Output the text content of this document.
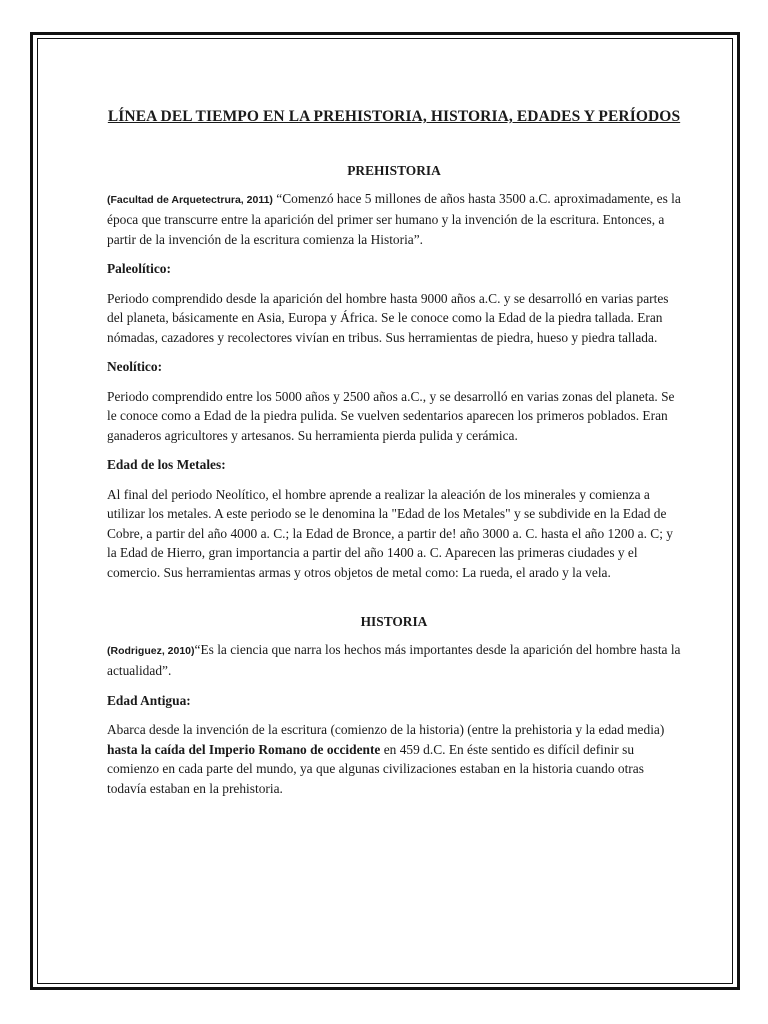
LÍNEA DEL TIEMPO EN LA PREHISTORIA, HISTORIA, EDADES Y PERÍODOS
PREHISTORIA

(Facultad de Arquetectrura, 2011) “Comenzó hace 5 millones de años hasta 3500 a.C. aproximadamente, es la época que transcurre entre la aparición del primer ser humano y la invención de la escritura. Entonces, a partir de la invención de la escritura comienza la Historia”.

Paleolítico:

Periodo comprendido desde la aparición del hombre hasta 9000 años a.C. y se desarrolló en varias partes del planeta, básicamente en Asia, Europa y África. Se le conoce como la Edad de la piedra tallada. Eran nómadas, cazadores y recolectores vivían en tribus. Sus herramientas de piedra, hueso y piedra tallada.

Neolítico:

Periodo comprendido entre los 5000 años y 2500 años a.C., y se desarrolló en varias zonas del planeta. Se le conoce como a Edad de la piedra pulida. Se vuelven sedentarios aparecen los primeros poblados. Eran ganaderos agricultores y artesanos. Su herramienta pierda pulida y cerámica.

Edad de los Metales:

Al final del periodo Neolítico, el hombre aprende a realizar la aleación de los minerales y comienza a utilizar los metales. A este periodo se le denomina la "Edad de los Metales" y se subdivide en la Edad de Cobre, a partir del año 4000 a. C.; la Edad de Bronce, a partir de! año 3000 a. C. hasta el año 1200 a. C; y la Edad de Hierro, gran importancia a partir del año 1400 a. C. Aparecen las primeras ciudades y el comercio. Sus herramientas armas y otros objetos de metal como: La rueda, el arado y la vela.

HISTORIA

(Rodriguez, 2010)“Es la ciencia que narra los hechos más importantes desde la aparición del hombre hasta la actualidad”.

Edad Antigua:

Abarca desde la invención de la escritura (comienzo de la historia) (entre la prehistoria y la edad media) hasta la caída del Imperio Romano de occidente en 459 d.C. En éste sentido es difícil definir su comienzo en cada parte del mundo, ya que algunas civilizaciones estaban en la historia cuando otras todavía estaban en la prehistoria.
